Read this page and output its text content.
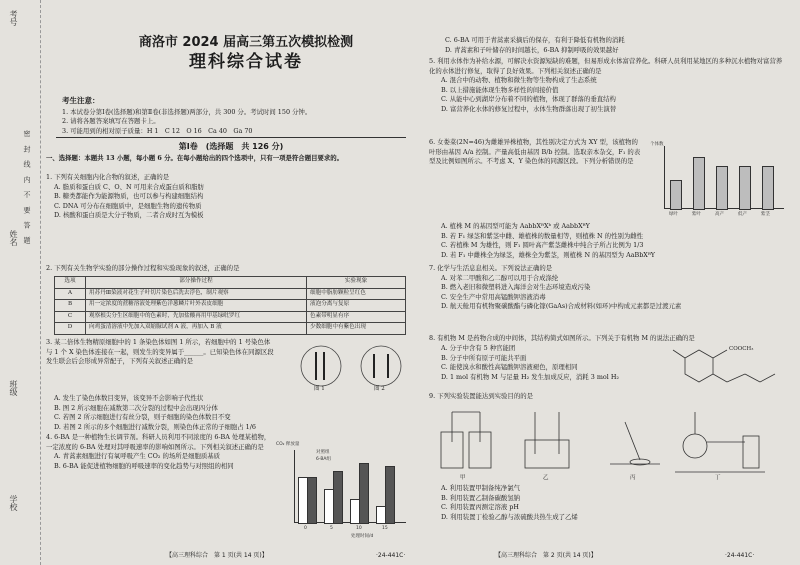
考号
姓名
班级
学校
密 封 线 内 不 要 答 题
商洛市 2024 届高三第五次模拟检测
理科综合试卷
考生注意：

1. 本试卷分第Ⅰ卷(选择题)和第Ⅱ卷(非选择题)两部分，共 300 分。考试时间 150 分钟。

2. 请将各题答案填写在答题卡上。

3. 可能用到的相对原子质量：H 1　C 12　O 16　Ca 40　Ga 70

第Ⅰ卷　(选择题　共 126 分)
一、选择题：本题共 13 小题，每小题 6 分。在每小题给出的四个选项中，只有一项是符合题目要求的。

1. 下列有关细胞内化合物的叙述，正确的是

A. 脂质和蛋白质 C、O、N 可用来合成蛋白质和脂肪

B. 糖类都能作为能源物质，也可以参与构建细胞结构

C. DNA 可分布在细胞质中，是细胞生物的遗传物质

D. 核酸和蛋白质是大分子物质，二者合成时互为模板

2. 下列有关生物学实验的部分操作过程和实验现象的叙述，正确的是
选项	部分操作过程	实验现象
A	用苏丹Ⅲ染液对花生子叶切片染色后洗去浮色，制片观察	细胞中脂肪颗粒呈红色
B	用一定浓度的蔗糖溶液处理紫色洋葱鳞片叶外表皮细胞	液泡分离与复原
C	观察根尖分生区细胞中的色素时，先加盐酸再用甲基绿吡罗红	色素带明显有序
D	向鸡蛋清溶液中先加入双缩脲试剂 A 液，再加入 B 液	少数细胞中有紫色出现

3. 某二倍体生物精原细胞中的 1 条染色体如图 1 所示，若细胞中的 1 号染色体与 1 个 X 染色体连接在一起，则发生的变异属于______。已知染色体在同源区段发生联会后会形成异常配子，下列有关叙述正确的是

A. 发生了染色体数目变异，该变异不会影响子代性状

B. 图 2 所示细胞在减数第二次分裂的过程中会出现四分体

C. 若图 2 所示细胞进行有丝分裂，则子细胞的染色体数目不变

D. 若图 2 所示的多个细胞进行减数分裂，则染色体正常的子细胞占 1/6

图 1	图 2

4. 6-BA 是一种植物生长调节剂。科研人员利用不同浓度的 6-BA 处理某植物，一定浓度的 6-BA 处理对其呼吸速率的影响如图所示。下列相关叙述正确的是

A. 青蒿素细胞进行有氧呼吸产生 CO₂ 的场所是细胞质基质

B. 6-BA 能促进植物细胞的呼吸速率的变化趋势与对照组的相同

CO₂ 释放量
处理时间/d
对照组
6-BA组
0	5	10	15
【高三理科综合　第 1 页(共 14 页)】	·24-441C·

C. 6-BA 可用于青蒿素采摘后的保存，有利于降低有机物的消耗

D. 青蒿素和子叶储存的时间越长，6-BA 抑制呼吸的效果越好

5. 利用水体作为补给水源，可解决水资源短缺的难题，但易形成水体富营养化。科研人员利用某地区的多种沉水植物对富营养化的水体进行修复，取得了良好效果。下列相关叙述正确的是

A. 混合中的动物、植物和微生物等生物构成了生态系统

B. 以上措施能体现生物多样性的间接价值

C. 从能中心到湖岸分布着不同的植物，体现了群落的垂直结构

D. 富营养化水体的修复过程中，水体生物群落出现了初生演替

6. 女娄菜(2N=46)为雌雄异株植物，其性别决定方式为 XY 型，该植物的叶形由基因 A/a 控制。产量高低由基因 B/b 控制。选取亲本杂交，F₁ 的表型及比例如图所示。不考虑 X、Y 染色体的同源区段。下列分析错误的是

A. 植株 M 的基因型可能为 AabbXᴮXᵇ 或 AabbXᴮY

B. 若 F₁ 绿茎和紫茎中雌、雄植株的数量相等，则植株 N 的性别为雌性

C. 若植株 M 为雄性，则 F₁ 圆叶高产紫茎雌株中纯合子所占比例为 1/3

D. 若 F₁ 中雌株全为绿茎，雄株全为紫茎，则植株 N 的基因型为 AaBbXᴮY

个体数
绿叶	紫叶	高产	低产	紫茎

7. 化学与生活息息相关。下列说法正确的是

A. 对苯二甲酸和乙二醇可以用于合成涤纶

B. 燃入老旧和微塑料进入海洋会对生态环境造成污染

C. 安全生产中常用高锰酸钾溶液消毒

D. 航天舱用有机物聚碳酸酯与磷化镓(GaAs)合成材料(如环)中构成元素都是过渡元素

8. 有机物 M 是药物合成的中间体，其结构简式如图所示。下列关于有机物 M 的说法正确的是

A. 分子中含有 5 种官能团

B. 分子中所有原子可能共平面

C. 能使溴水和酸性高锰酸钾溶液褪色，原理相同

D. 1 mol 有机物 M 与足量 H₂ 发生加成反应，消耗 3 mol H₂

COOCH₃
9. 下列实验装置能达到实验目的的是
甲	乙	丙	丁

A. 利用装置甲制备纯净氯气

B. 利用装置乙制备碳酸氢钠

C. 利用装置丙测定溶液 pH

D. 利用装置丁检验乙醇与浓硫酸共热生成了乙烯

【高三理科综合　第 2 页(共 14 页)】	·24-441C·
